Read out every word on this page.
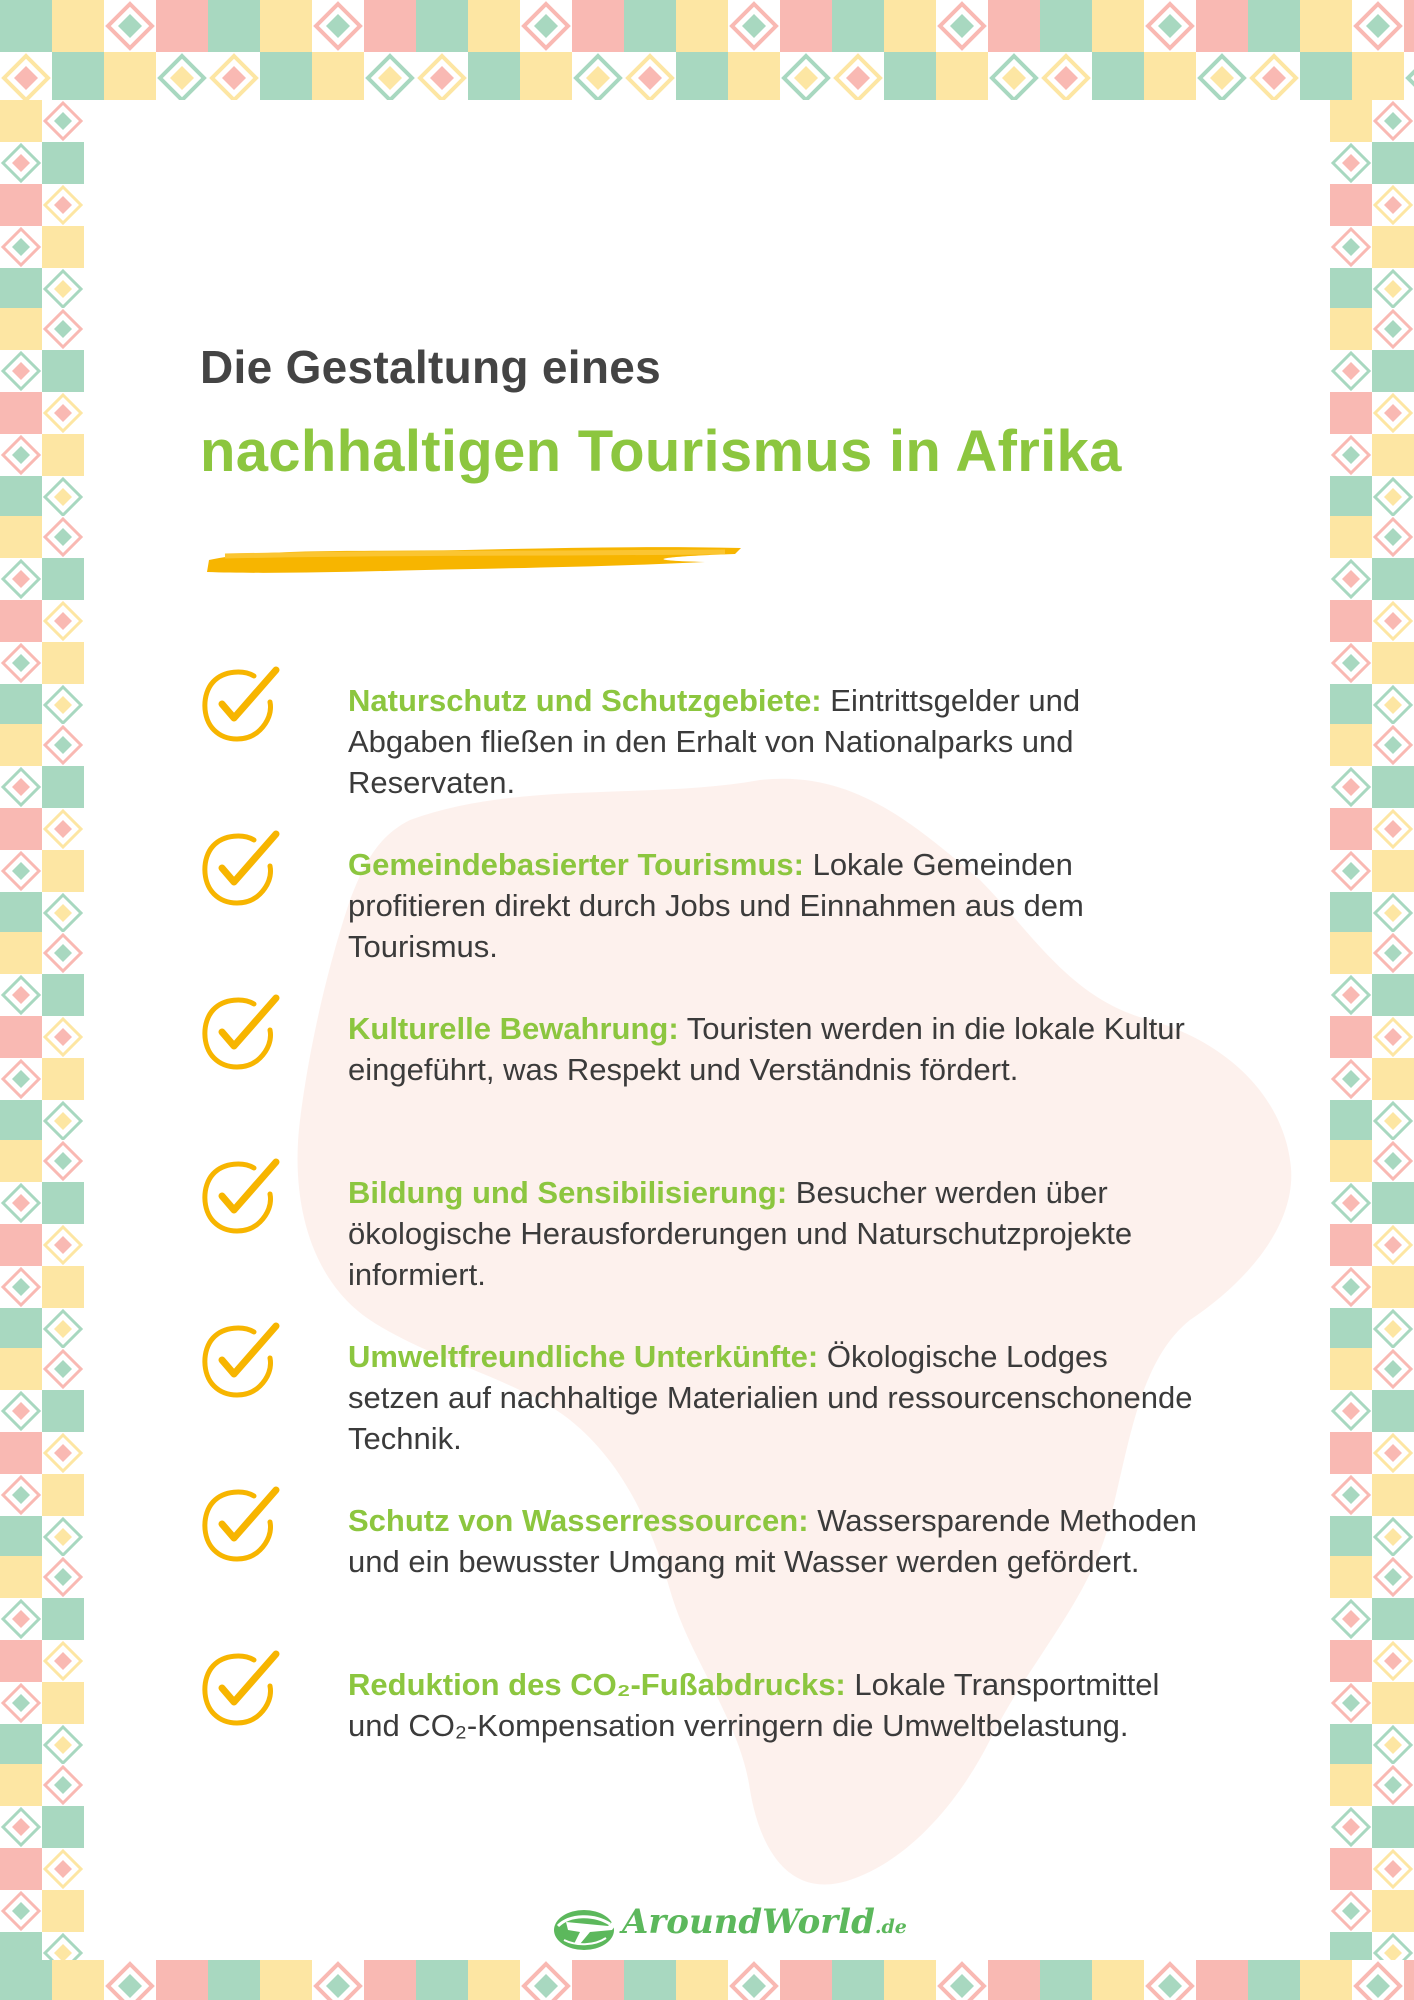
Die Gestaltung eines
nachhaltigen Tourismus in Afrika

Naturschutz und Schutzgebiete: Eintrittsgelder und Abgaben fließen in den Erhalt von Nationalparks und Reservaten.

Gemeindebasierter Tourismus: Lokale Gemeinden profitieren direkt durch Jobs und Einnahmen aus dem Tourismus.

Kulturelle Bewahrung: Touristen werden in die lokale Kultur eingeführt, was Respekt und Verständnis fördert.

Bildung und Sensibilisierung: Besucher werden über ökologische Herausforderungen und Naturschutzprojekte informiert.

Umweltfreundliche Unterkünfte: Ökologische Lodges setzen auf nachhaltige Materialien und ressourcenschonende Technik.

Schutz von Wasserressourcen: Wassersparende Methoden und ein bewusster Umgang mit Wasser werden gefördert.

Reduktion des CO₂-Fußabdrucks: Lokale Transportmittel und CO₂-Kompensation verringern die Umweltbelastung.

AroundWorld.de
